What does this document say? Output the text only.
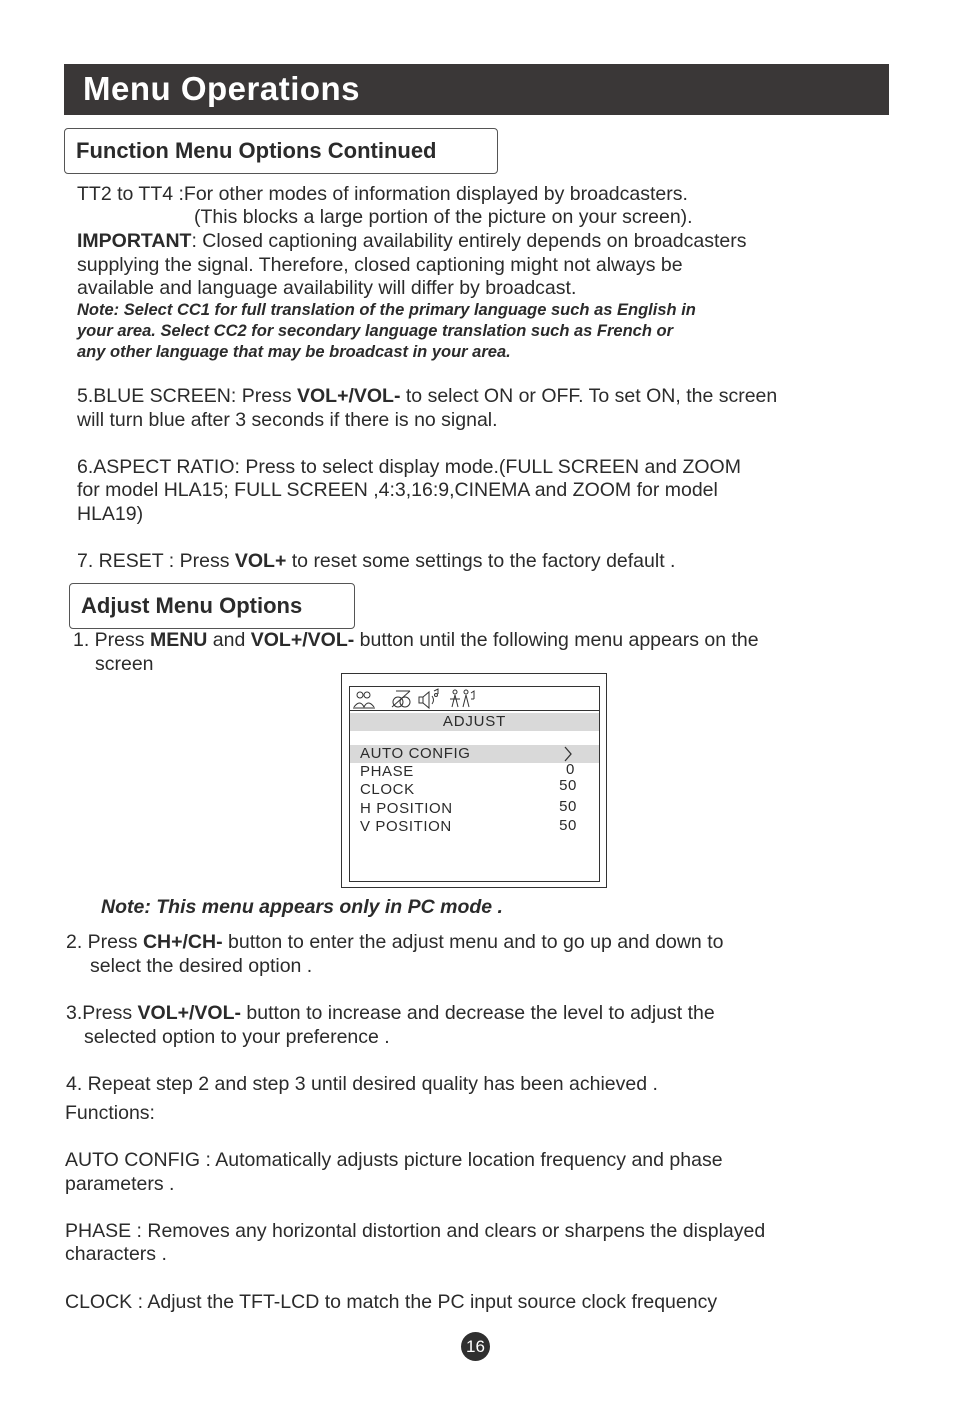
Menu Operations
Function Menu Options Continued

TT2 to TT4 :For other modes of information displayed by broadcasters.

(This blocks a large portion of the picture on your screen).

IMPORTANT: Closed captioning availability entirely depends on broadcasters

supplying the signal. Therefore, closed captioning might not always be

available and language availability will differ by broadcast.

Note: Select CC1 for full translation of the primary language such as English in

your area. Select CC2 for secondary language translation such as French or

any other language that may be broadcast in your area.

5.BLUE SCREEN: Press VOL+/VOL- to select ON or OFF. To set ON, the screen

will turn blue after 3 seconds if there is no signal.

6.ASPECT RATIO: Press to select display mode.(FULL SCREEN and ZOOM

for model HLA15; FULL SCREEN ,4:3,16:9,CINEMA and ZOOM for model

HLA19)

7. RESET : Press VOL+ to reset some settings to the factory default .

Adjust Menu Options

1. Press MENU and VOL+/VOL- button until the following menu appears on the

screen

ADJUST
AUTO CONFIG
PHASE	0
CLOCK	50
H POSITION	50
V POSITION	50

Note: This menu appears only in PC mode .

2. Press CH+/CH- button to enter the adjust menu and to go up and down to

select the desired option .

3.Press VOL+/VOL- button to increase and decrease the level to adjust the

selected option to your preference .

4. Repeat step 2 and step 3 until desired quality has been achieved .

Functions:

AUTO CONFIG : Automatically adjusts picture location frequency and phase

parameters .

PHASE : Removes any horizontal distortion and clears or sharpens the displayed

characters .

CLOCK : Adjust the TFT-LCD to match the PC input source clock frequency

16
